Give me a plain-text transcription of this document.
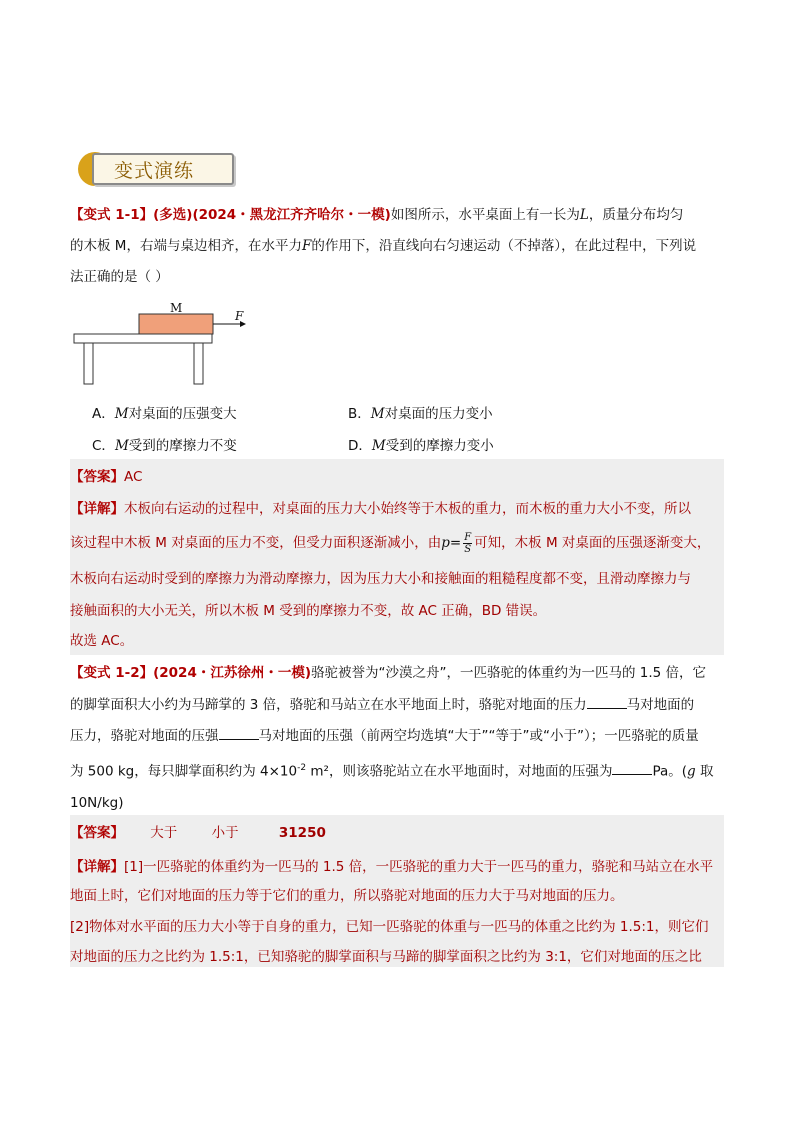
变式演练

【变式 1-1】(多选)(2024・黑龙江齐齐哈尔・一模)如图所示，水平桌面上有一长为L，质量分布均匀
的木板 M，右端与桌边相齐，在水平力F的作用下，沿直线向右匀速运动（不掉落），在此过程中，下列说
法正确的是（ ）

M
F
A．M对桌面的压强变大	B．M对桌面的压力变小
C．M受到的摩擦力不变	D．M受到的摩擦力变小
【答案】AC
【详解】木板向右运动的过程中，对桌面的压力大小始终等于木板的重力，而木板的重力大小不变，所以
该过程中木板 M 对桌面的压力不变，但受力面积逐渐减小，由$p= \frac{F}{S}$ 可知，木板 M 对桌面的压强逐渐变大，
木板向右运动时受到的摩擦力为滑动摩擦力，因为压力大小和接触面的粗糙程度都不变，且滑动摩擦力与
接触面积的大小无关，所以木板 M 受到的摩擦力不变，故 AC 正确，BD 错误。
故选 AC。

【变式 1-2】(2024・江苏徐州・一模)骆驼被誉为“沙漠之舟”，一匹骆驼的体重约为一匹马的 1.5 倍，它
的脚掌面积大小约为马蹄掌的 3 倍，骆驼和马站立在水平地面上时，骆驼对地面的压力	马对地面的
压力，骆驼对地面的压强	马对地面的压强（前两空均选填“大于”“等于”或“小于”）；一匹骆驼的质量
为 500 kg，每只脚掌面积约为 $4\times 10^{-2}$ m²，则该骆驼站立在水平地面时，对地面的压强为	Pa。(g 取
10N/kg)

【答案】 大于	小于	31250
【详解】[1]一匹骆驼的体重约为一匹马的 1.5 倍，一匹骆驼的重力大于一匹马的重力，骆驼和马站立在水平
地面上时，它们对地面的压力等于它们的重力，所以骆驼对地面的压力大于马对地面的压力。
[2]物体对水平面的压力大小等于自身的重力，已知一匹骆驼的体重与一匹马的体重之比约为 1.5:1，则它们
对地面的压力之比约为 1.5:1，已知骆驼的脚掌面积与马蹄的脚掌面积之比约为 3:1，它们对地面的压之比
